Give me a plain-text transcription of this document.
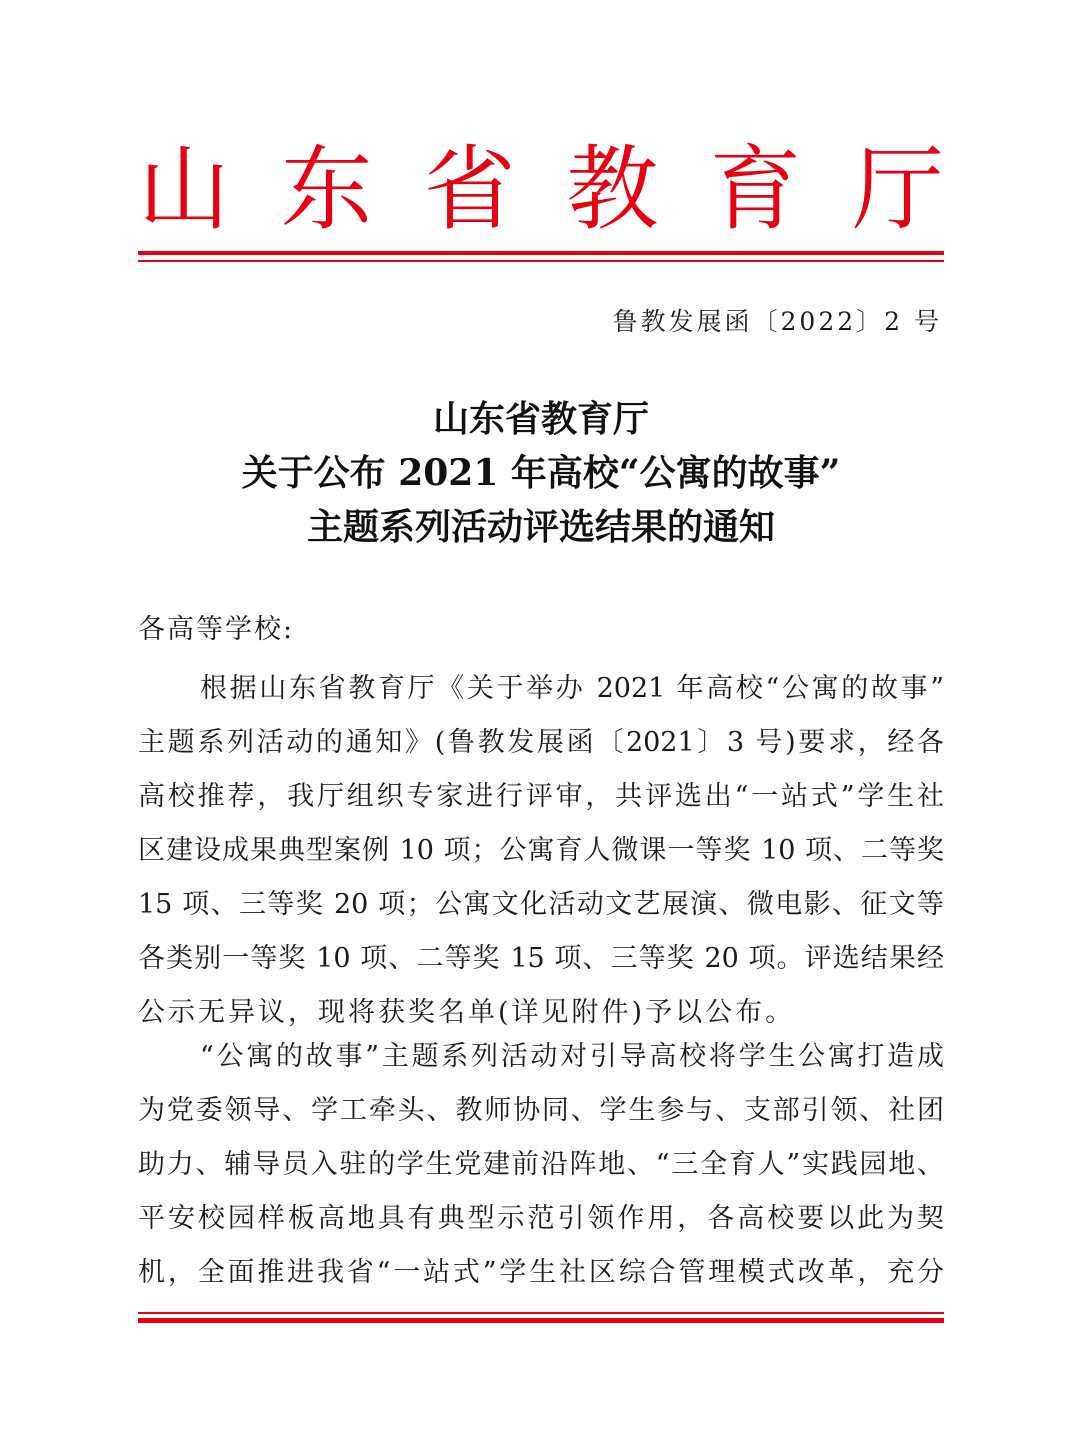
山 东 省 教 育 厅
鲁教发展函〔2022〕2 号
山东省教育厅
关于公布 2021 年高校“公寓的故事”
主题系列活动评选结果的通知
各高等学校:
根据山东省教育厅《关于举办 2021 年高校“公寓的故事”
主题系列活动的通知》(鲁教发展函〔2021〕3 号)要求，经各
高校推荐，我厅组织专家进行评审，共评选出“一站式”学生社
区建设成果典型案例 10 项；公寓育人微课一等奖 10 项、二等奖
15 项、三等奖 20 项；公寓文化活动文艺展演、微电影、征文等
各类别一等奖 10 项、二等奖 15 项、三等奖 20 项。评选结果经
公示无异议，现将获奖名单(详见附件)予以公布。
“公寓的故事”主题系列活动对引导高校将学生公寓打造成
为党委领导、学工牵头、教师协同、学生参与、支部引领、社团
助力、辅导员入驻的学生党建前沿阵地、“三全育人”实践园地、
平安校园样板高地具有典型示范引领作用，各高校要以此为契
机，全面推进我省“一站式”学生社区综合管理模式改革，充分
